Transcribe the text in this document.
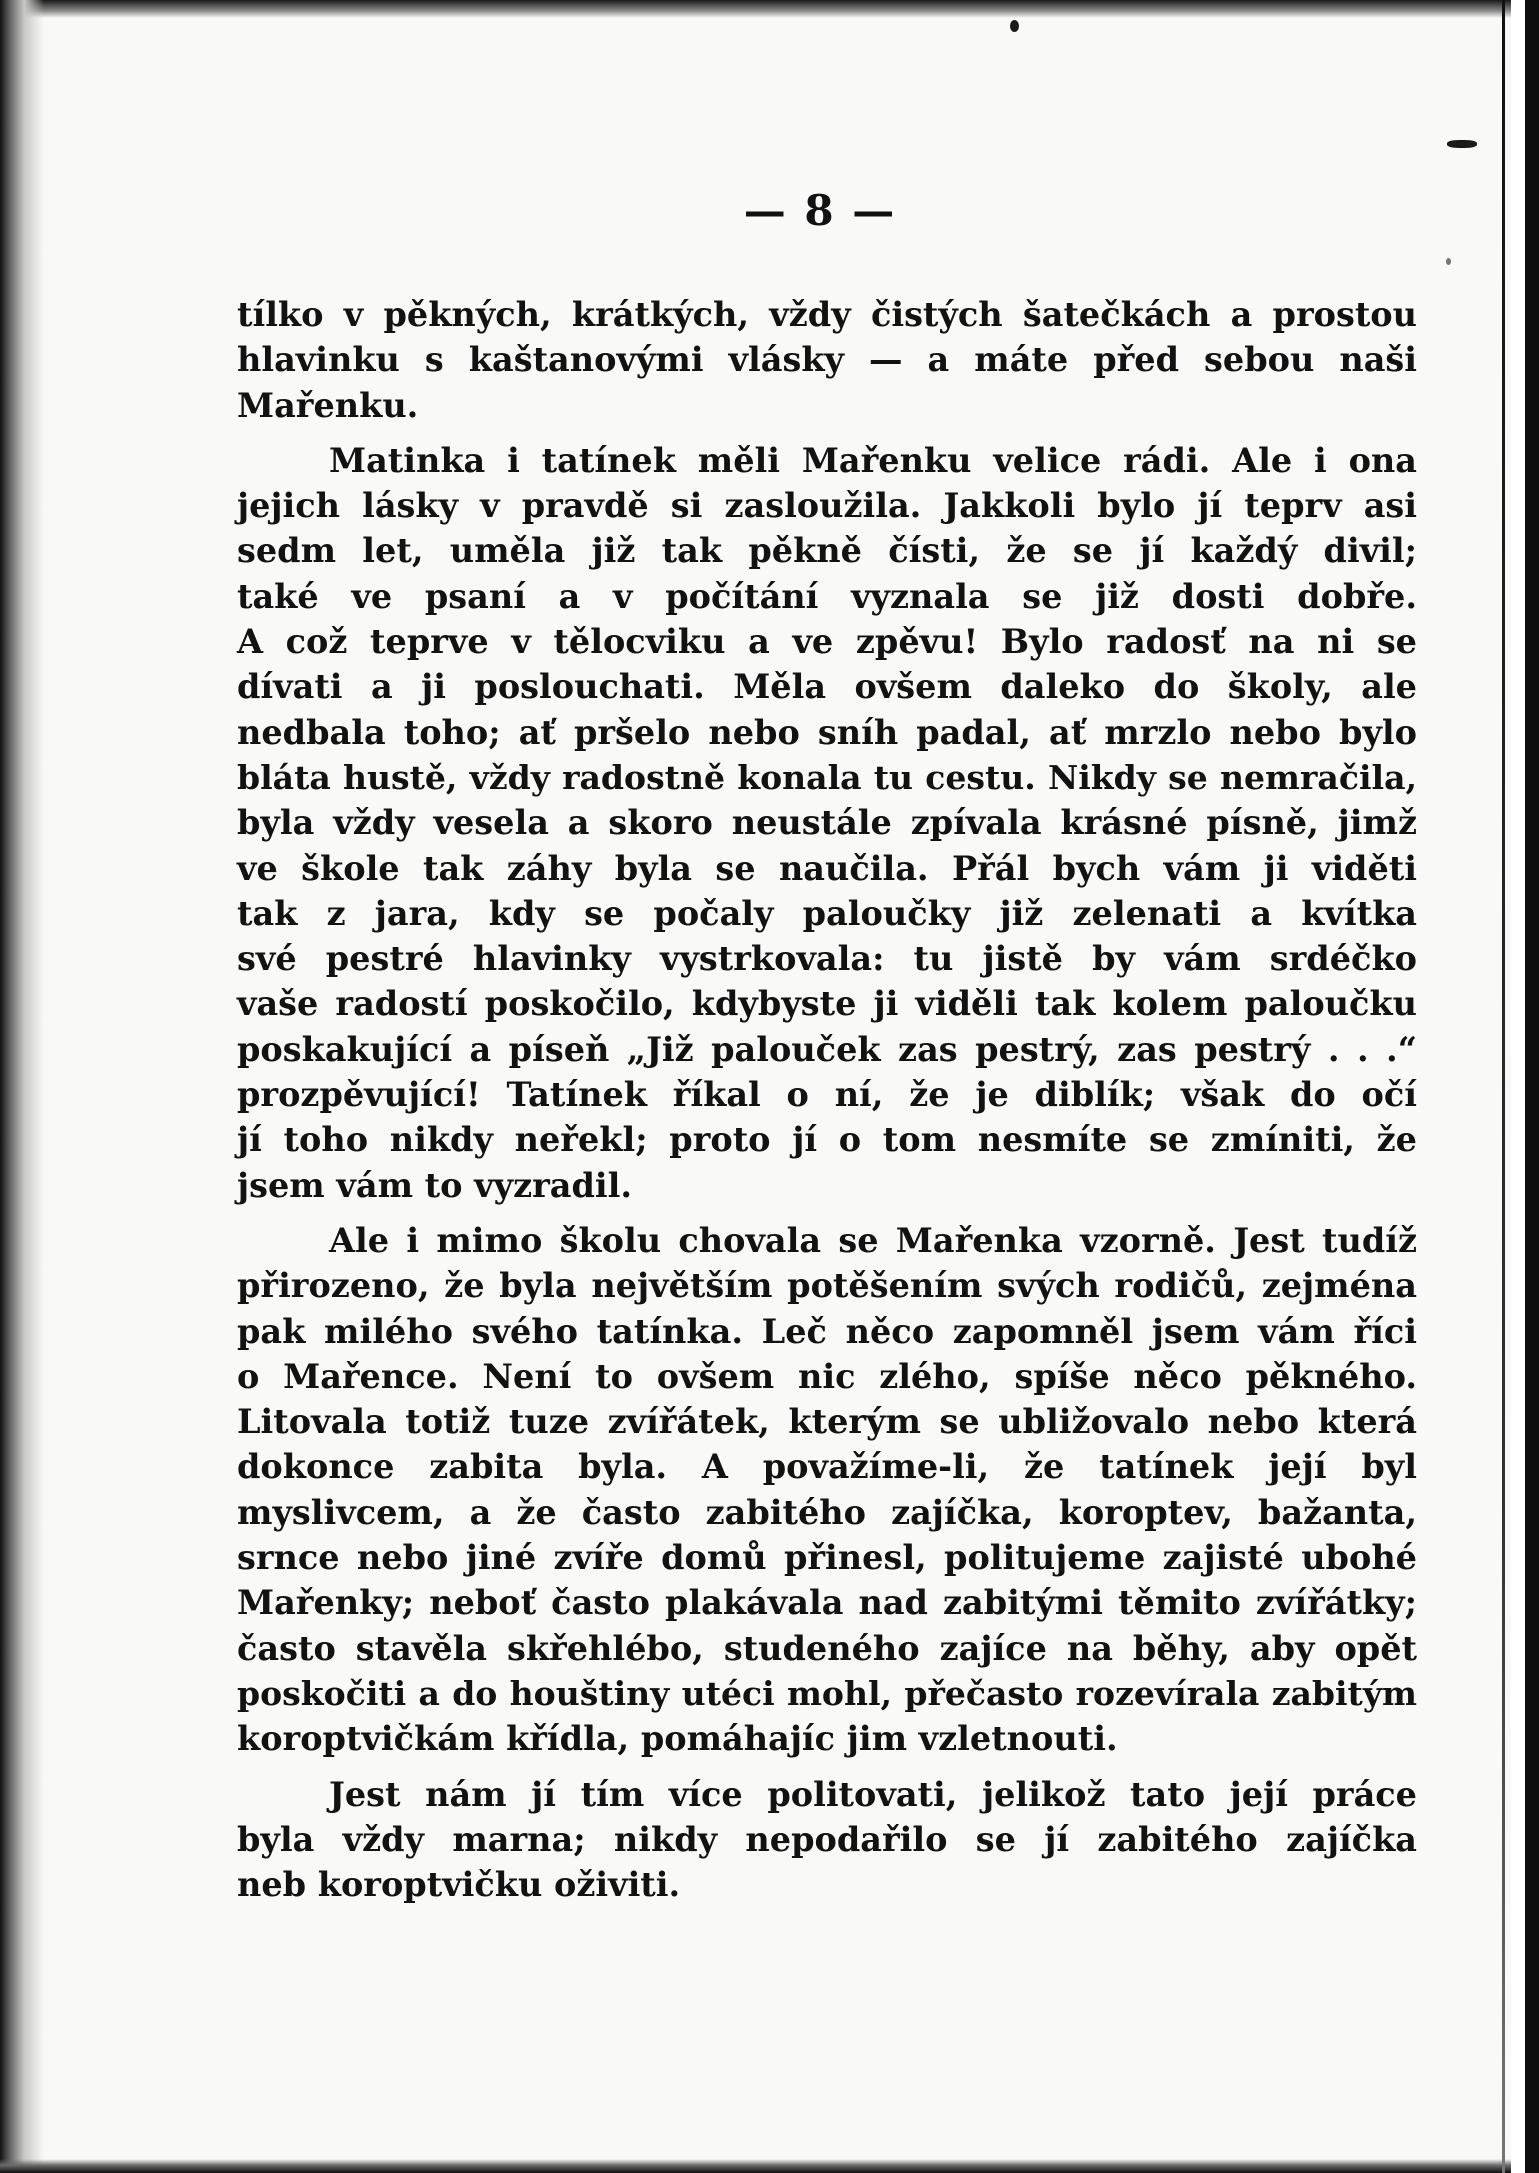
— 8 —

tílko v pěkných, krátkých, vždy čistých šatečkách a prostou
hlavinku s kaštanovými vlásky — a máte před sebou naši
Mařenku.

Matinka i tatínek měli Mařenku velice rádi. Ale i ona
jejich lásky v pravdě si zasloužila. Jakkoli bylo jí teprv asi
sedm let, uměla již tak pěkně čísti, že se jí každý divil;
také ve psaní a v počítání vyznala se již dosti dobře.
A což teprve v tělocviku a ve zpěvu! Bylo radosť na ni se
dívati a ji poslouchati. Měla ovšem daleko do školy, ale
nedbala toho; ať pršelo nebo sníh padal, ať mrzlo nebo bylo
bláta hustě, vždy radostně konala tu cestu. Nikdy se nemračila,
byla vždy vesela a skoro neustále zpívala krásné písně, jimž
ve škole tak záhy byla se naučila. Přál bych vám ji viděti
tak z jara, kdy se počaly paloučky již zelenati a kvítka
své pestré hlavinky vystrkovala: tu jistě by vám srdéčko
vaše radostí poskočilo, kdybyste ji viděli tak kolem paloučku
poskakující a píseň „Již palouček zas pestrý, zas pestrý . . .“
prozpěvující! Tatínek říkal o ní, že je diblík; však do očí
jí toho nikdy neřekl; proto jí o tom nesmíte se zmíniti, že
jsem vám to vyzradil.

Ale i mimo školu chovala se Mařenka vzorně. Jest tudíž
přirozeno, že byla největším potěšením svých rodičů, zejména
pak milého svého tatínka. Leč něco zapomněl jsem vám říci
o Mařence. Není to ovšem nic zlého, spíše něco pěkného.
Litovala totiž tuze zvířátek, kterým se ubližovalo nebo která
dokonce zabita byla. A považíme-li, že tatínek její byl
myslivcem, a že často zabitého zajíčka, koroptev, bažanta,
srnce nebo jiné zvíře domů přinesl, politujeme zajisté ubohé
Mařenky; neboť často plakávala nad zabitými těmito zvířátky;
často stavěla skřehlébo, studeného zajíce na běhy, aby opět
poskočiti a do houštiny utéci mohl, přečasto rozevírala zabitým
koroptvičkám křídla, pomáhajíc jim vzletnouti.

Jest nám jí tím více politovati, jelikož tato její práce
byla vždy marna; nikdy nepodařilo se jí zabitého zajíčka
neb koroptvičku oživiti.
